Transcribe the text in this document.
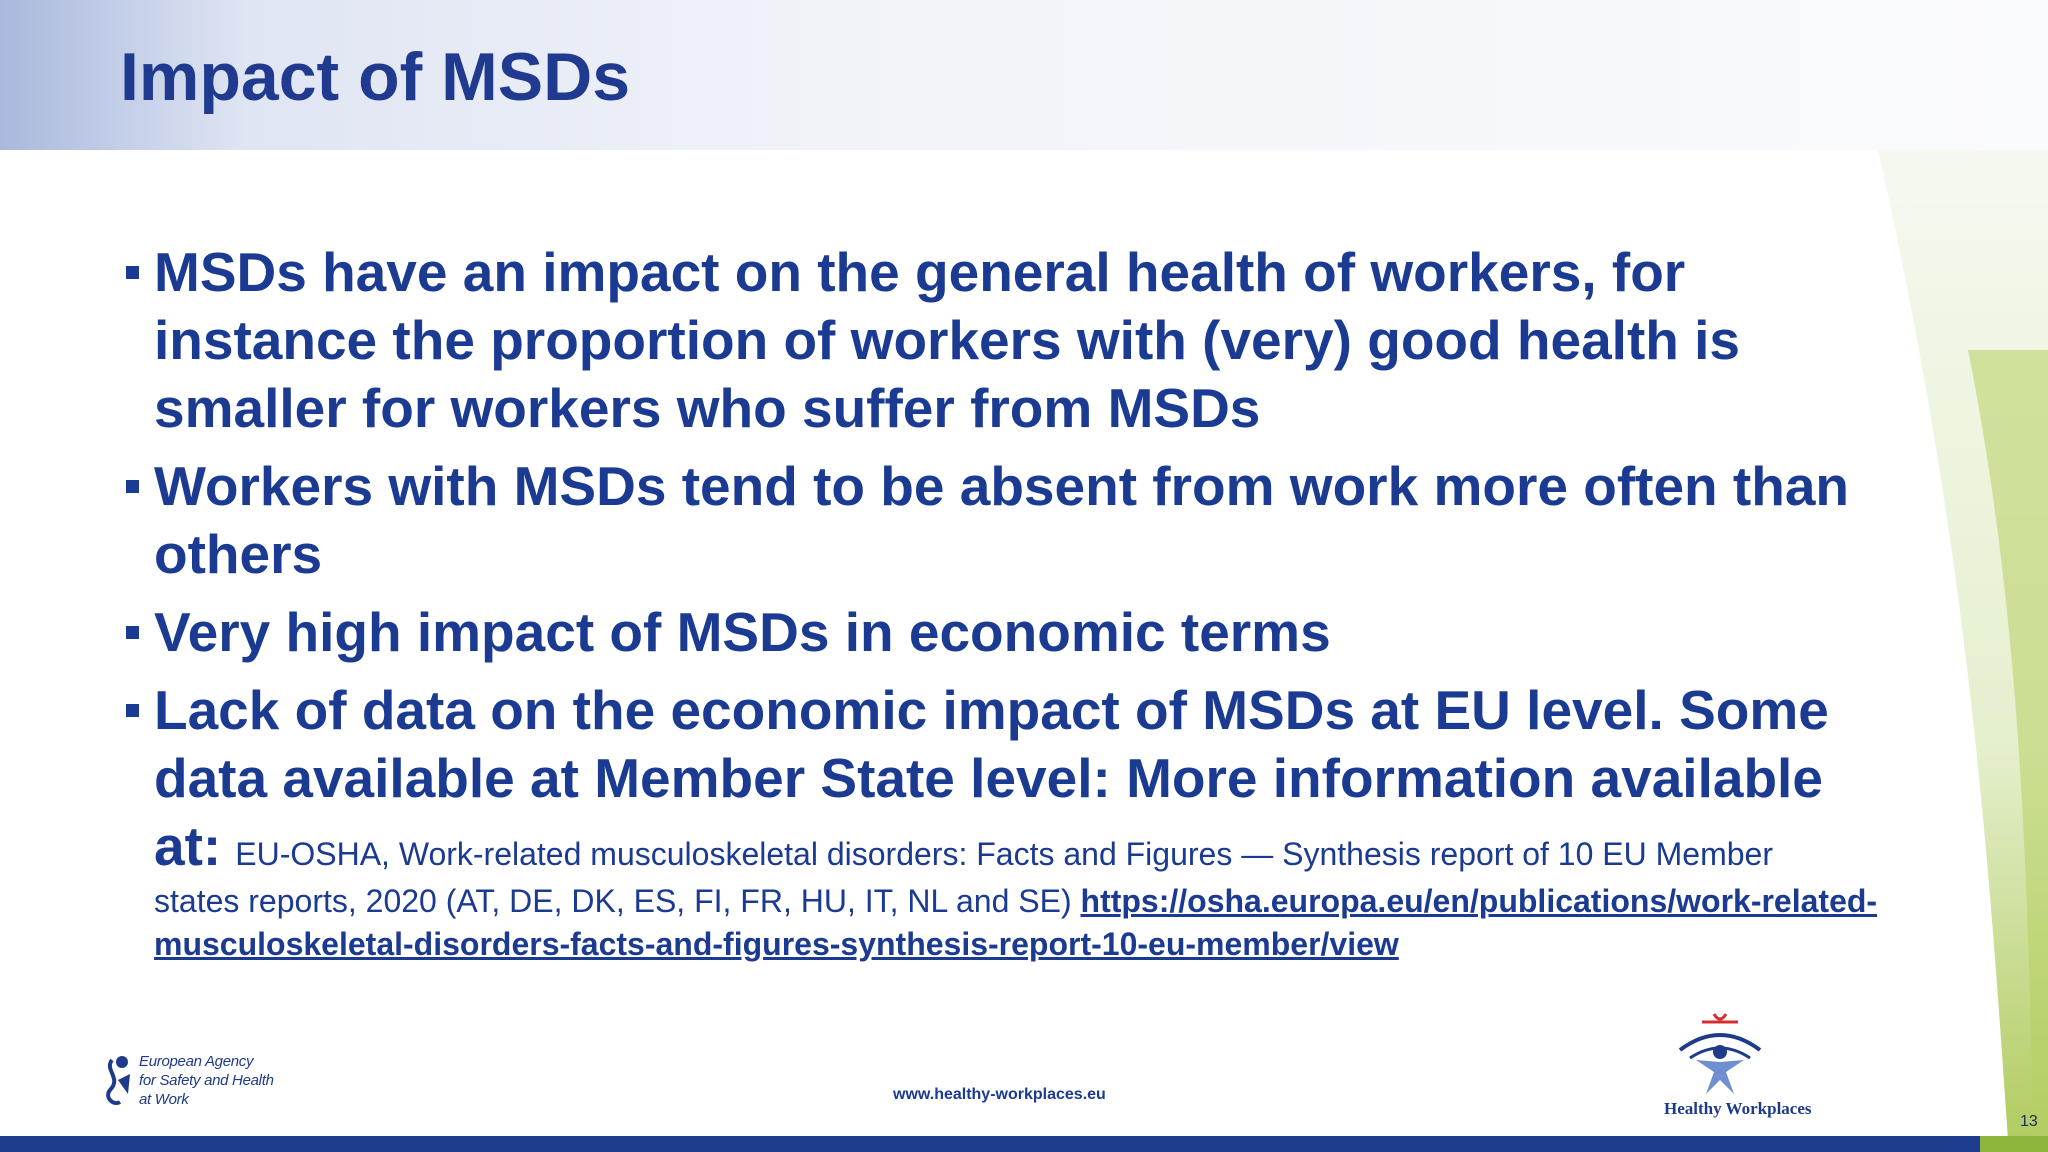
Impact of MSDs
MSDs have an impact on the general health of workers, for instance the proportion of workers with (very) good health is smaller for workers who suffer from MSDs
Workers with MSDs tend to be absent from work more often than others
Very high impact of MSDs in economic terms
Lack of data on the economic impact of MSDs at EU level. Some data available at Member State level: More information available at: EU-OSHA, Work-related musculoskeletal disorders: Facts and Figures — Synthesis report of 10 EU Member
states reports, 2020 (AT, DE, DK, ES, FI, FR, HU, IT, NL and SE) https://osha.europa.eu/en/publications/work-related-musculoskeletal-disorders-facts-and-figures-synthesis-report-10-eu-member/view
European Agency
for Safety and Health
at Work	www.healthy-workplaces.eu
Healthy Workplaces
13
